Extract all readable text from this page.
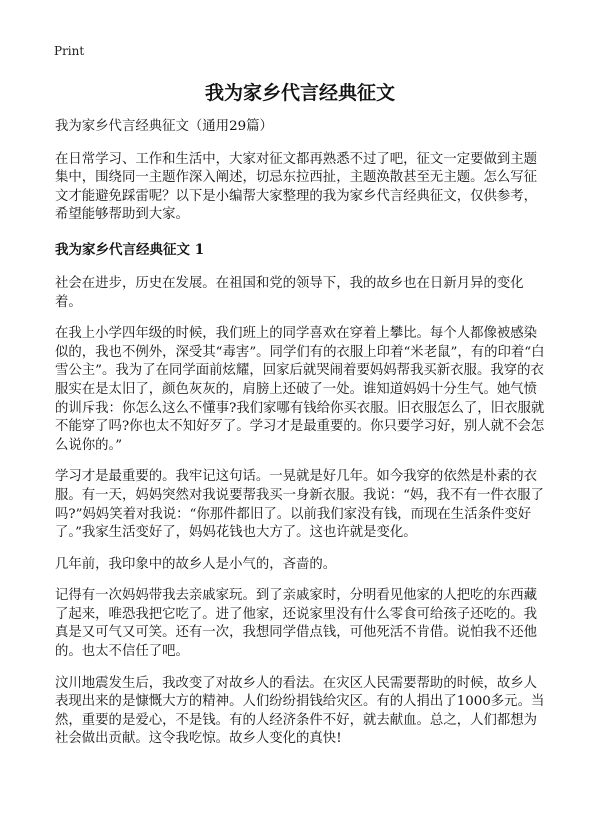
Print
我为家乡代言经典征文

我为家乡代言经典征文（通用29篇）

在日常学习、工作和生活中，大家对征文都再熟悉不过了吧，征文一定要做到主题集中，围绕同一主题作深入阐述，切忌东拉西扯，主题涣散甚至无主题。怎么写征文才能避免踩雷呢？以下是小编帮大家整理的我为家乡代言经典征文，仅供参考，希望能够帮助到大家。

我为家乡代言经典征文 1

社会在进步，历史在发展。在祖国和党的领导下，我的故乡也在日新月异的变化着。

在我上小学四年级的时候，我们班上的同学喜欢在穿着上攀比。每个人都像被感染似的，我也不例外，深受其“毒害”。同学们有的衣服上印着“米老鼠”，有的印着“白雪公主”。我为了在同学面前炫耀，回家后就哭闹着要妈妈帮我买新衣服。我穿的衣服实在是太旧了，颜色灰灰的，肩膀上还破了一处。谁知道妈妈十分生气。她气愤的训斥我：你怎么这么不懂事?我们家哪有钱给你买衣服。旧衣服怎么了，旧衣服就不能穿了吗?你也太不知好歹了。学习才是最重要的。你只要学习好，别人就不会怎么说你的。”

学习才是最重要的。我牢记这句话。一晃就是好几年。如今我穿的依然是朴素的衣服。有一天，妈妈突然对我说要帮我买一身新衣服。我说：“妈，我不有一件衣服了吗?”妈妈笑着对我说：“你那件都旧了。以前我们家没有钱，而现在生活条件变好了。”我家生活变好了，妈妈花钱也大方了。这也许就是变化。

几年前，我印象中的故乡人是小气的，吝啬的。

记得有一次妈妈带我去亲戚家玩。到了亲戚家时，分明看见他家的人把吃的东西藏了起来，唯恐我把它吃了。进了他家，还说家里没有什么零食可给孩子还吃的。我真是又可气又可笑。还有一次，我想同学借点钱，可他死活不肯借。说怕我不还他的。也太不信任了吧。

汶川地震发生后，我改变了对故乡人的看法。在灾区人民需要帮助的时候，故乡人表现出来的是慷慨大方的精神。人们纷纷捐钱给灾区。有的人捐出了1000多元。当然，重要的是爱心，不是钱。有的人经济条件不好，就去献血。总之，人们都想为社会做出贡献。这令我吃惊。故乡人变化的真快!
